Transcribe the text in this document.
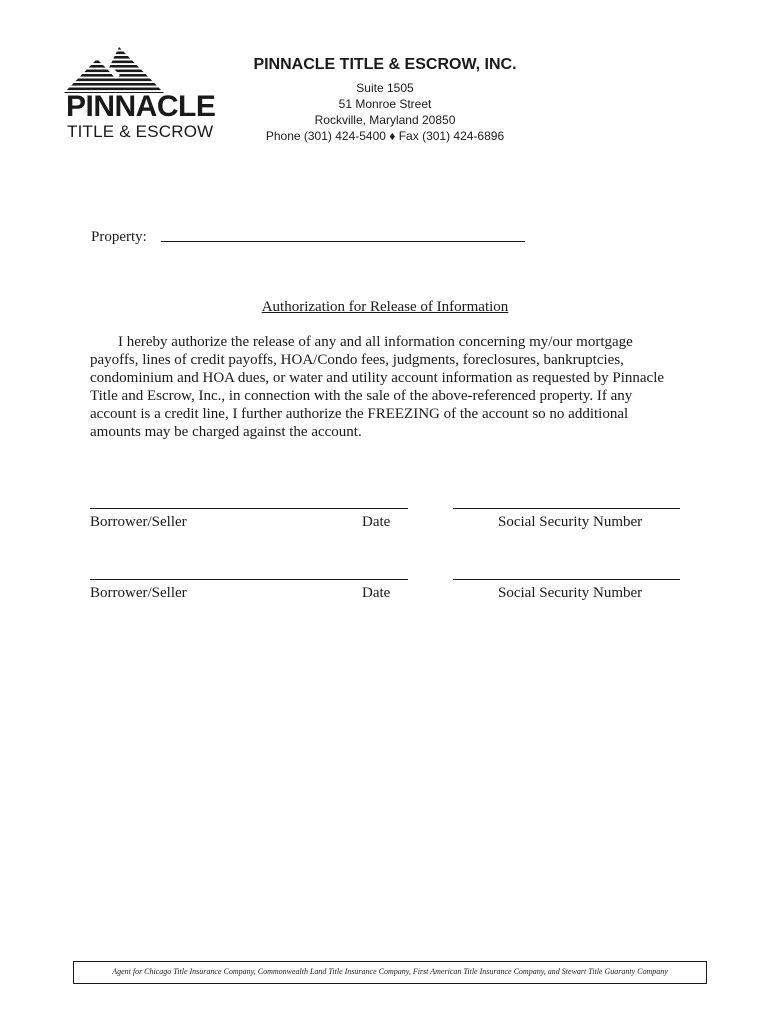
PINNACLE
TITLE & ESCROW
PINNACLE TITLE & ESCROW, INC.
Suite 1505
51 Monroe Street
Rockville, Maryland 20850
Phone (301) 424-5400 ♦ Fax (301) 424-6896
Property:
Authorization for Release of Information

I hereby authorize the release of any and all information concerning my/our mortgage payoffs, lines of credit payoffs, HOA/Condo fees, judgments, foreclosures, bankruptcies, condominium and HOA dues, or water and utility account information as requested by Pinnacle Title and Escrow, Inc., in connection with the sale of the above-referenced property. If any account is a credit line, I further authorize the FREEZING of the account so no additional amounts may be charged against the account.

Borrower/Seller	Date	Social Security Number
Borrower/Seller	Date	Social Security Number
Agent for Chicago Title Insurance Company, Commonwealth Land Title Insurance Company, First American Title Insurance Company, and Stewart Title Guaranty Company
